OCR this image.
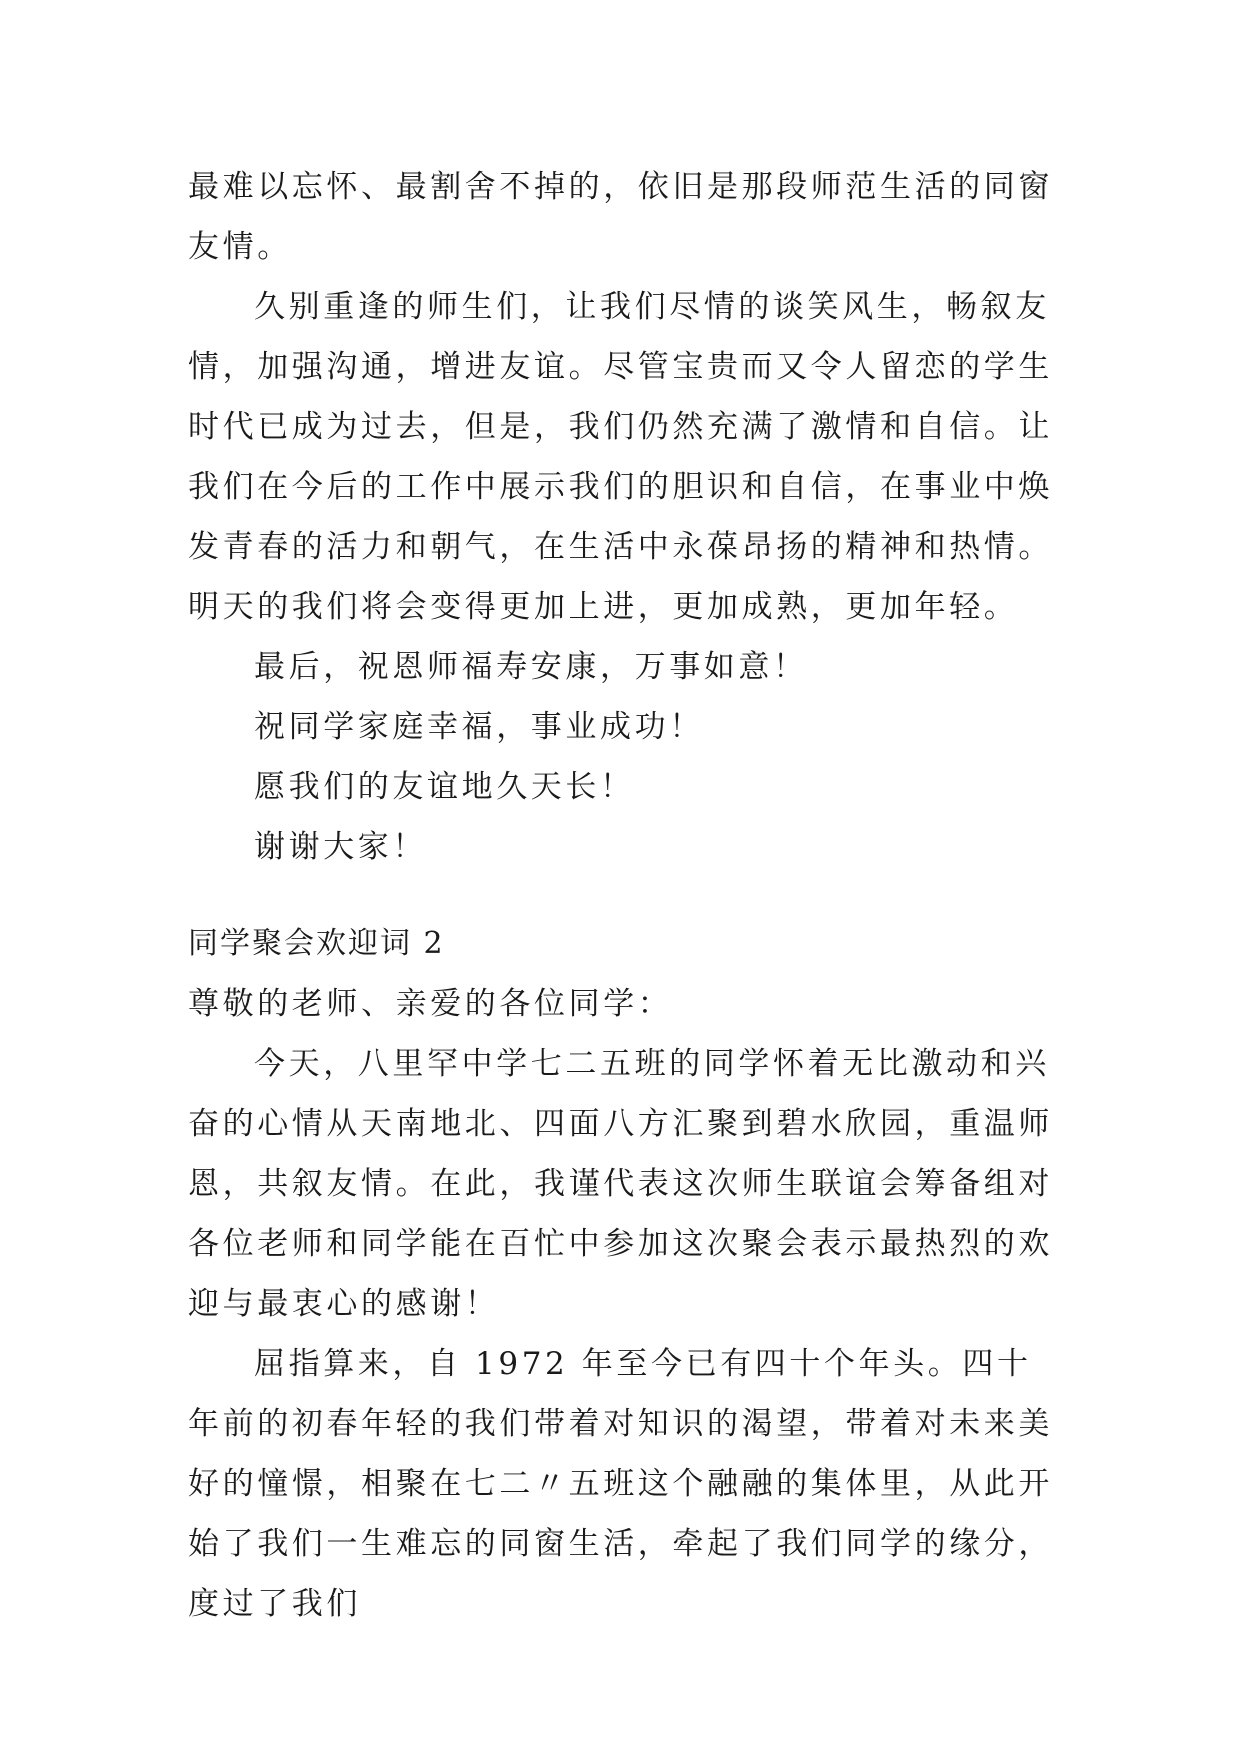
最难以忘怀、最割舍不掉的，依旧是那段师范生活的同窗友情。

久别重逢的师生们，让我们尽情的谈笑风生，畅叙友情，加强沟通，增进友谊。尽管宝贵而又令人留恋的学生时代已成为过去，但是，我们仍然充满了激情和自信。让我们在今后的工作中展示我们的胆识和自信，在事业中焕发青春的活力和朝气，在生活中永葆昂扬的精神和热情。明天的我们将会变得更加上进，更加成熟，更加年轻。

最后，祝恩师福寿安康，万事如意！

祝同学家庭幸福，事业成功！

愿我们的友谊地久天长！

谢谢大家！

同学聚会欢迎词 2

尊敬的老师、亲爱的各位同学：

今天，八里罕中学七二五班的同学怀着无比激动和兴奋的心情从天南地北、四面八方汇聚到碧水欣园，重温师恩，共叙友情。在此，我谨代表这次师生联谊会筹备组对各位老师和同学能在百忙中参加这次聚会表示最热烈的欢迎与最衷心的感谢！

屈指算来，自 1972 年至今已有四十个年头。四十年前的初春年轻的我们带着对知识的渴望，带着对未来美好的憧憬，相聚在七二〃五班这个融融的集体里，从此开始了我们一生难忘的同窗生活，牵起了我们同学的缘分，度过了我们
